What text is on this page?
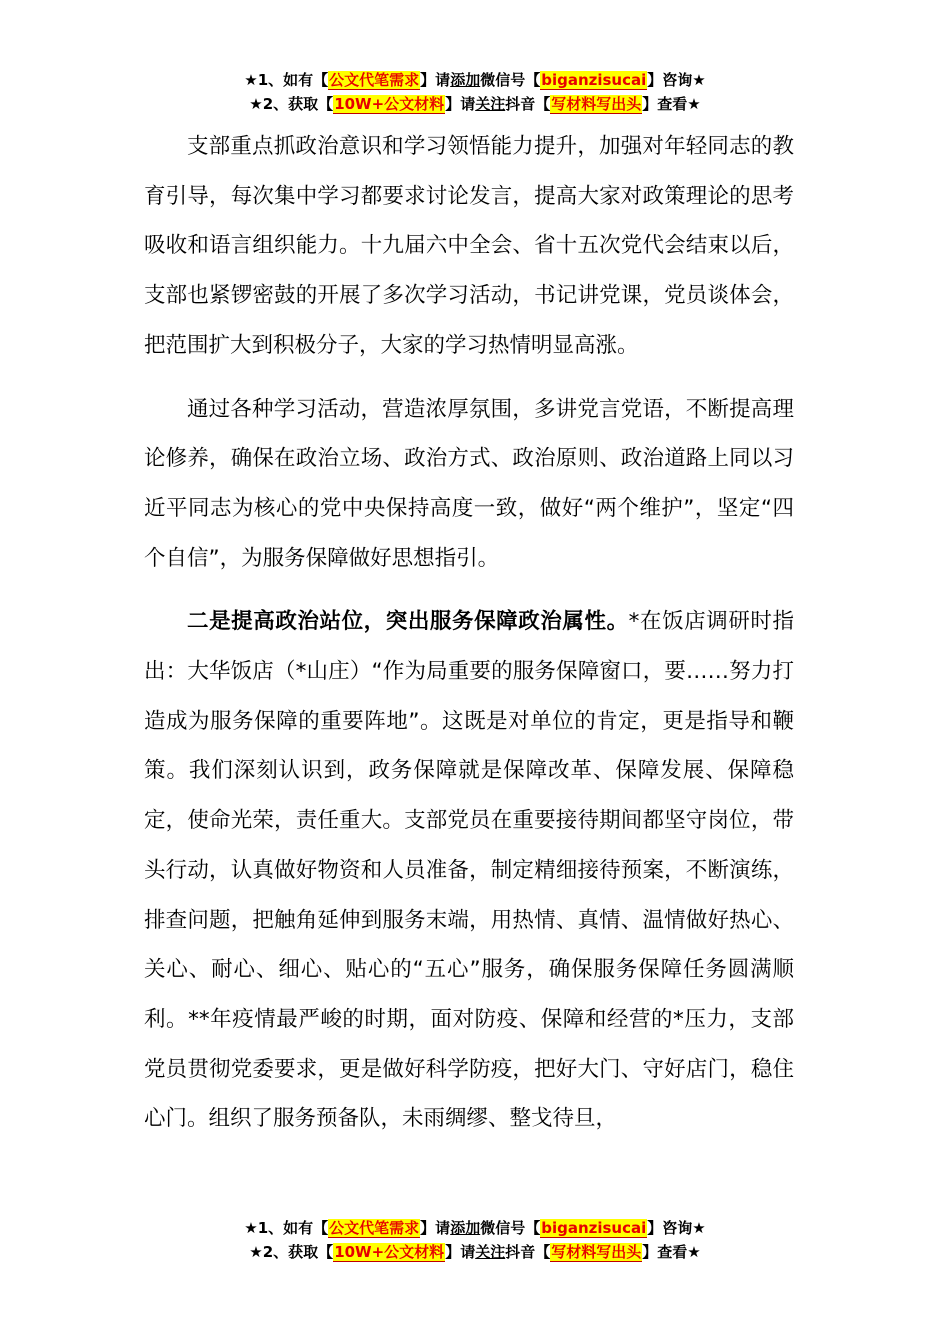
★1、如有【公文代笔需求】请添加微信号【biganzisucai】咨询★
★2、获取【10W+公文材料】请关注抖音【写材料写出头】查看★

支部重点抓政治意识和学习领悟能力提升，加强对年轻同志的教育引导，每次集中学习都要求讨论发言，提高大家对政策理论的思考吸收和语言组织能力。十九届六中全会、省十五次党代会结束以后，支部也紧锣密鼓的开展了多次学习活动，书记讲党课，党员谈体会，把范围扩大到积极分子，大家的学习热情明显高涨。

通过各种学习活动，营造浓厚氛围，多讲党言党语，不断提高理论修养，确保在政治立场、政治方式、政治原则、政治道路上同以习近平同志为核心的党中央保持高度一致，做好“两个维护”，坚定“四个自信”，为服务保障做好思想指引。

二是提高政治站位，突出服务保障政治属性。*在饭店调研时指出：大华饭店（*山庄）“作为局重要的服务保障窗口，要……努力打造成为服务保障的重要阵地”。这既是对单位的肯定，更是指导和鞭策。我们深刻认识到，政务保障就是保障改革、保障发展、保障稳定，使命光荣，责任重大。支部党员在重要接待期间都坚守岗位，带头行动，认真做好物资和人员准备，制定精细接待预案，不断演练，排查问题，把触角延伸到服务末端，用热情、真情、温情做好热心、关心、耐心、细心、贴心的“五心”服务，确保服务保障任务圆满顺利。**年疫情最严峻的时期，面对防疫、保障和经营的*压力，支部党员贯彻党委要求，更是做好科学防疫，把好大门、守好店门，稳住心门。组织了服务预备队，未雨绸缪、整戈待旦，

★1、如有【公文代笔需求】请添加微信号【biganzisucai】咨询★
★2、获取【10W+公文材料】请关注抖音【写材料写出头】查看★
